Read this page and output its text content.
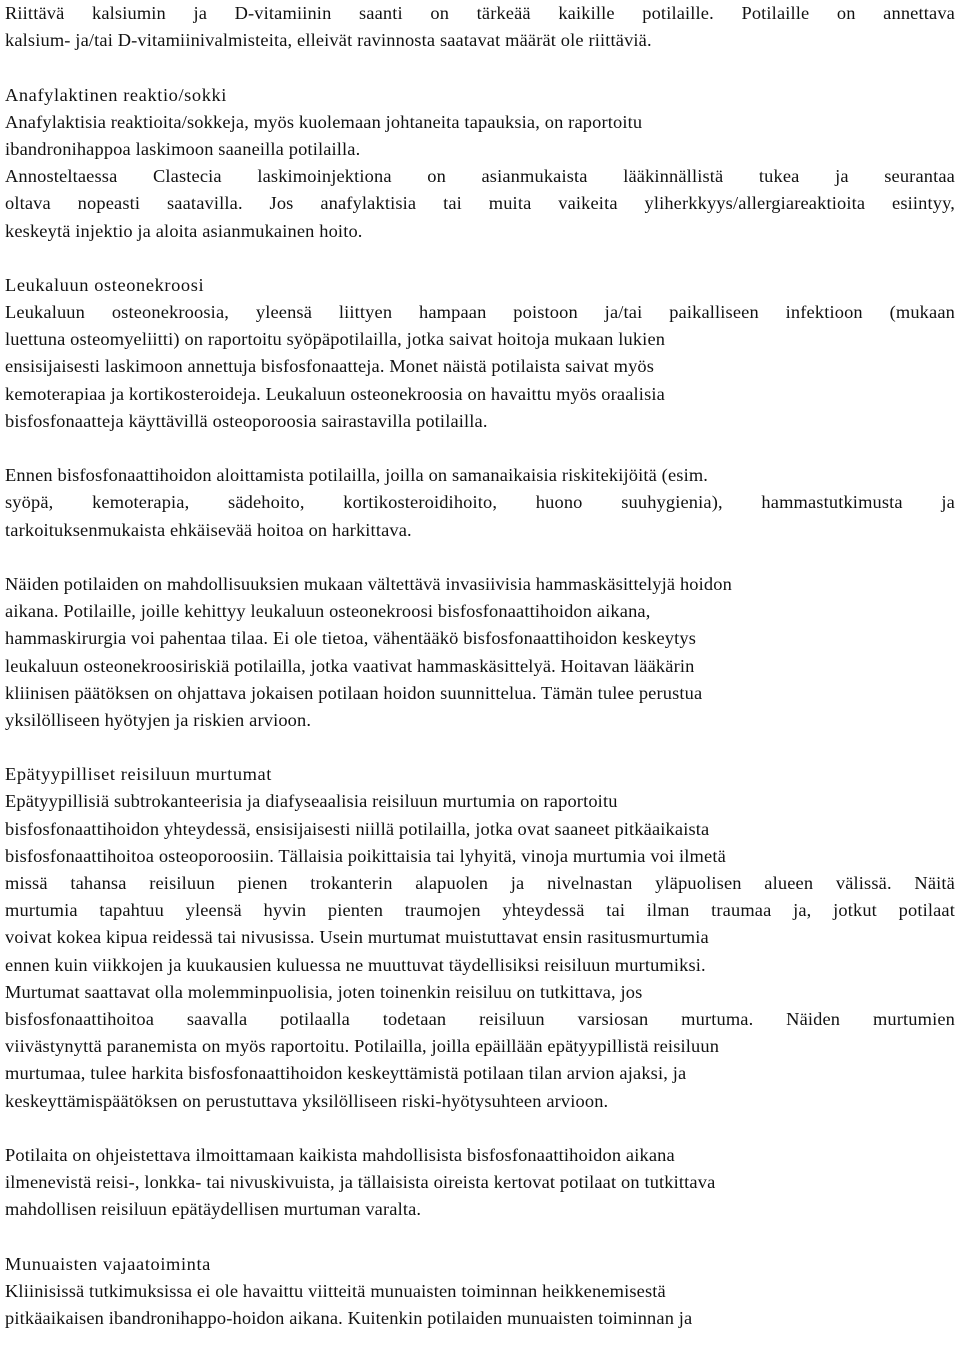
Riittävä kalsiumin ja D-vitamiinin saanti on tärkeää kaikille potilaille. Potilaille on annettava
kalsium- ja/tai D-vitamiinivalmisteita, elleivät ravinnosta saatavat määrät ole riittäviä.
Anafylaktinen reaktio/sokki
Anafylaktisia reaktioita/sokkeja, myös kuolemaan johtaneita tapauksia, on raportoitu
ibandronihappoa laskimoon saaneilla potilailla.
Annosteltaessa Clastecia laskimoinjektiona on asianmukaista lääkinnällistä tukea ja seurantaa
oltava nopeasti saatavilla. Jos anafylaktisia tai muita vaikeita yliherkkyys/allergiareaktioita esiintyy,
keskeytä injektio ja aloita asianmukainen hoito.
Leukaluun osteonekroosi
Leukaluun osteonekroosia, yleensä liittyen hampaan poistoon ja/tai paikalliseen infektioon (mukaan
luettuna osteomyeliitti) on raportoitu syöpäpotilailla, jotka saivat hoitoja mukaan lukien
ensisijaisesti laskimoon annettuja bisfosfonaatteja. Monet näistä potilaista saivat myös
kemoterapiaa ja kortikosteroideja. Leukaluun osteonekroosia on havaittu myös oraalisia
bisfosfonaatteja käyttävillä osteoporoosia sairastavilla potilailla.
Ennen bisfosfonaattihoidon aloittamista potilailla, joilla on samanaikaisia riskitekijöitä (esim.
syöpä, kemoterapia, sädehoito, kortikosteroidihoito, huono suuhygienia), hammastutkimusta ja
tarkoituksenmukaista ehkäisevää hoitoa on harkittava.
Näiden potilaiden on mahdollisuuksien mukaan vältettävä invasiivisia hammaskäsittelyjä hoidon
aikana. Potilaille, joille kehittyy leukaluun osteonekroosi bisfosfonaattihoidon aikana,
hammaskirurgia voi pahentaa tilaa. Ei ole tietoa, vähentääkö bisfosfonaattihoidon keskeytys
leukaluun osteonekroosiriskiä potilailla, jotka vaativat hammaskäsittelyä. Hoitavan lääkärin
kliinisen päätöksen on ohjattava jokaisen potilaan hoidon suunnittelua. Tämän tulee perustua
yksilölliseen hyötyjen ja riskien arvioon.
Epätyypilliset reisiluun murtumat
Epätyypillisiä subtrokanteerisia ja diafyseaalisia reisiluun murtumia on raportoitu
bisfosfonaattihoidon yhteydessä, ensisijaisesti niillä potilailla, jotka ovat saaneet pitkäaikaista
bisfosfonaattihoitoa osteoporoosiin. Tällaisia poikittaisia tai lyhyitä, vinoja murtumia voi ilmetä
missä tahansa reisiluun pienen trokanterin alapuolen ja nivelnastan yläpuolisen alueen välissä. Näitä
murtumia tapahtuu yleensä hyvin pienten traumojen yhteydessä tai ilman traumaa ja, jotkut potilaat
voivat kokea kipua reidessä tai nivusissa. Usein murtumat muistuttavat ensin rasitusmurtumia
ennen kuin viikkojen ja kuukausien kuluessa ne muuttuvat täydellisiksi reisiluun murtumiksi.
Murtumat saattavat olla molemminpuolisia, joten toinenkin reisiluu on tutkittava, jos
bisfosfonaattihoitoa saavalla potilaalla todetaan reisiluun varsiosan murtuma. Näiden murtumien
viivästynyttä paranemista on myös raportoitu. Potilailla, joilla epäillään epätyypillistä reisiluun
murtumaa, tulee harkita bisfosfonaattihoidon keskeyttämistä potilaan tilan arvion ajaksi, ja
keskeyttämispäätöksen on perustuttava yksilölliseen riski-hyötysuhteen arvioon.
Potilaita on ohjeistettava ilmoittamaan kaikista mahdollisista bisfosfonaattihoidon aikana
ilmenevistä reisi-, lonkka- tai nivuskivuista, ja tällaisista oireista kertovat potilaat on tutkittava
mahdollisen reisiluun epätäydellisen murtuman varalta.
Munuaisten vajaatoiminta
Kliinisissä tutkimuksissa ei ole havaittu viitteitä munuaisten toiminnan heikkenemisestä
pitkäaikaisen ibandronihappo-hoidon aikana. Kuitenkin potilaiden munuaisten toiminnan ja
